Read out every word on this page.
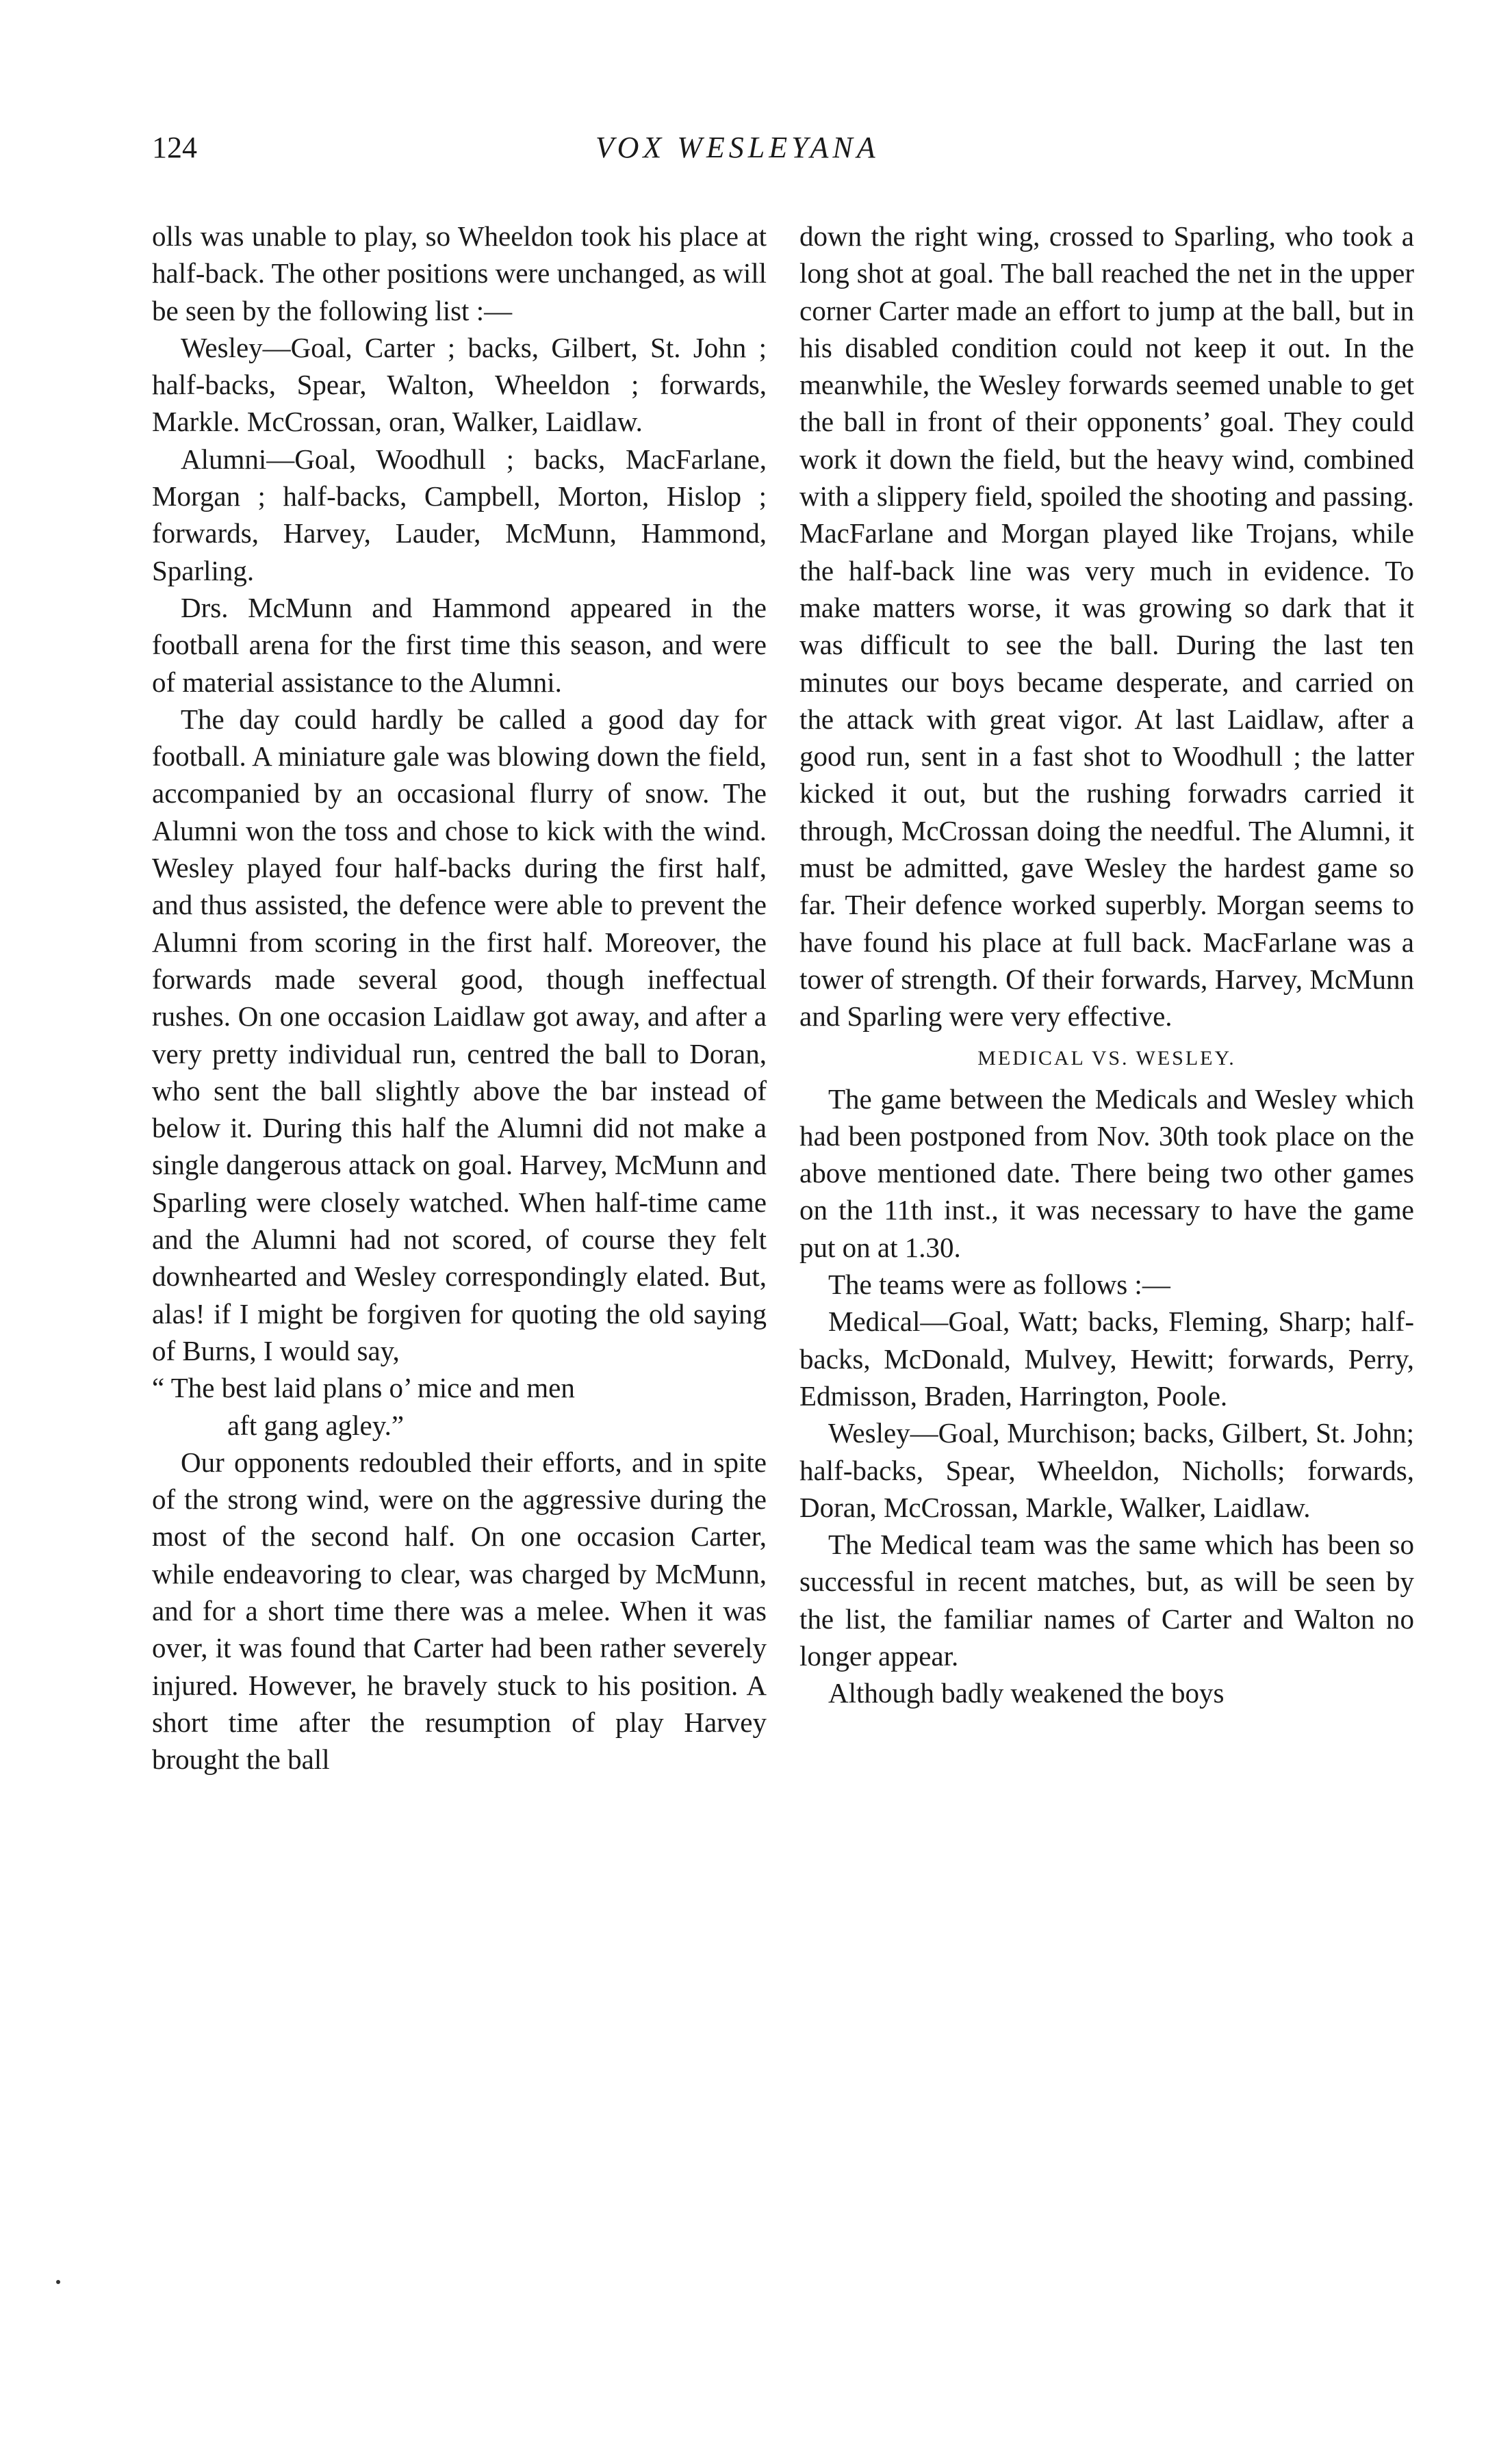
124	VOX WESLEYANA

olls was unable to play, so Wheeldon took his place at half-back. The other positions were unchanged, as will be seen by the following list :—

Wesley—Goal, Carter ; backs, Gilbert, St. John ; half-backs, Spear, Walton, Wheeldon ; forwards, Markle. McCrossan, oran, Walker, Laidlaw.

Alumni—Goal, Woodhull ; backs, MacFarlane, Morgan ; half-backs, Campbell, Morton, Hislop ; forwards, Harvey, Lauder, McMunn, Hammond, Sparling.

Drs. McMunn and Hammond appeared in the football arena for the first time this season, and were of material assistance to the Alumni.

The day could hardly be called a good day for football. A miniature gale was blowing down the field, accompanied by an occasional flurry of snow. The Alumni won the toss and chose to kick with the wind. Wesley played four half-backs during the first half, and thus assisted, the defence were able to prevent the Alumni from scoring in the first half. Moreover, the forwards made several good, though ineffectual rushes. On one occasion Laidlaw got away, and after a very pretty individual run, centred the ball to Doran, who sent the ball slightly above the bar instead of below it. During this half the Alumni did not make a single dangerous attack on goal. Harvey, McMunn and Sparling were closely watched. When half-time came and the Alumni had not scored, of course they felt downhearted and Wesley correspondingly elated. But, alas! if I might be forgiven for quoting the old saying of Burns, I would say,

“ The best laid plans o’ mice and men

aft gang agley.”

Our opponents redoubled their efforts, and in spite of the strong wind, were on the aggressive during the most of the second half. On one occasion Carter, while endeavoring to clear, was charged by McMunn, and for a short time there was a melee. When it was over, it was found that Carter had been rather severely injured. However, he bravely stuck to his position. A short time after the resumption of play Harvey brought the ball

down the right wing, crossed to Sparling, who took a long shot at goal. The ball reached the net in the upper corner Carter made an effort to jump at the ball, but in his disabled condition could not keep it out. In the meanwhile, the Wesley forwards seemed unable to get the ball in front of their opponents’ goal. They could work it down the field, but the heavy wind, combined with a slippery field, spoiled the shooting and passing. MacFarlane and Morgan played like Trojans, while the half-back line was very much in evidence. To make matters worse, it was growing so dark that it was difficult to see the ball. During the last ten minutes our boys became desperate, and carried on the attack with great vigor. At last Laidlaw, after a good run, sent in a fast shot to Woodhull ; the latter kicked it out, but the rushing forwadrs carried it through, McCrossan doing the needful. The Alumni, it must be admitted, gave Wesley the hardest game so far. Their defence worked superbly. Morgan seems to have found his place at full back. MacFarlane was a tower of strength. Of their forwards, Harvey, McMunn and Sparling were very effective.

MEDICAL VS. WESLEY.

The game between the Medicals and Wesley which had been postponed from Nov. 30th took place on the above mentioned date. There being two other games on the 11th inst., it was necessary to have the game put on at 1.30.

The teams were as follows :—

Medical—Goal, Watt; backs, Fleming, Sharp; half-backs, McDonald, Mulvey, Hewitt; forwards, Perry, Edmisson, Braden, Harrington, Poole.

Wesley—Goal, Murchison; backs, Gilbert, St. John; half-backs, Spear, Wheeldon, Nicholls; forwards, Doran, McCrossan, Markle, Walker, Laidlaw.

The Medical team was the same which has been so successful in recent matches, but, as will be seen by the list, the familiar names of Carter and Walton no longer appear.

Although badly weakened the boys
